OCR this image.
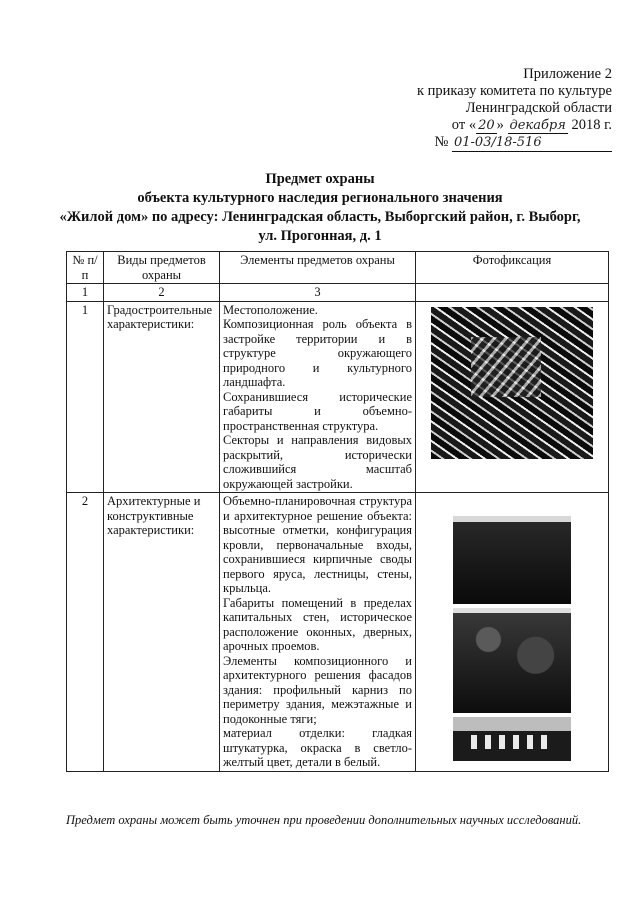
Приложение 2
к приказу комитета по культуре
Ленинградской области
от « 20 » декабря 2018 г.
№ 01-03/18-516
Предмет охраны
объекта культурного наследия регионального значения
«Жилой дом» по адресу: Ленинградская область, Выборгский район, г. Выборг,
ул. Прогонная, д. 1
№ п/п	Виды предметов охраны	Элементы предметов охраны	Фотофиксация
1	2	3	
1	Градостроительные характеристики:	Местоположение.
Композиционная роль объекта в застройке территории и в структуре окружающего природного и культурного ландшафта.
Сохранившиеся исторические габариты и объемно-пространственная структура.
Секторы и направления видовых раскрытий, исторически сложившийся масштаб окружающей застройки.	

2	Архитектурные и конструктивные характеристики:	Объемно-планировочная структура и архитектурное решение объекта: высотные отметки, конфигурация кровли, первоначальные входы, сохранившиеся кирпичные своды первого яруса, лестницы, стены, крыльца.
Габариты помещений в пределах капитальных стен, историческое расположение оконных, дверных, арочных проемов.
Элементы композиционного и архитектурного решения фасадов здания: профильный карниз по периметру здания, межэтажные и подоконные тяги;
материал отделки: гладкая штукатурка, окраска в светло-желтый цвет, детали в белый.	
Предмет охраны может быть уточнен при проведении дополнительных научных исследований.
